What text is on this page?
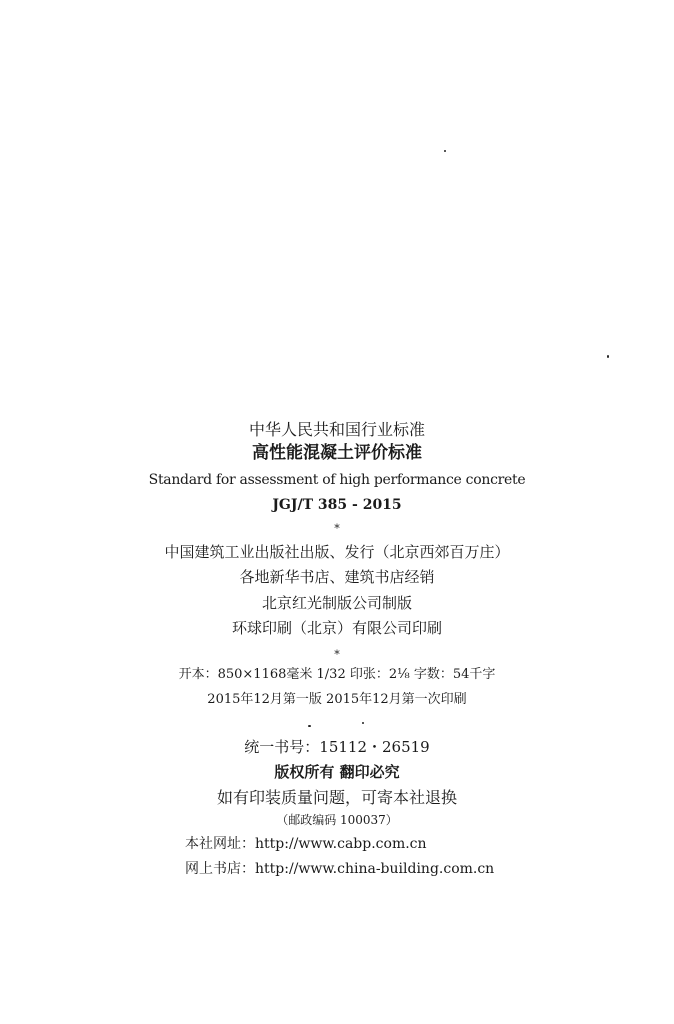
中华人民共和国行业标准
高性能混凝土评价标准
Standard for assessment of high performance concrete
JGJ/T 385 - 2015
*
中国建筑工业出版社出版、发行（北京西郊百万庄）
各地新华书店、建筑书店经销
北京红光制版公司制版
环球印刷（北京）有限公司印刷
*
开本：850×1168毫米 1/32 印张：2⅛ 字数：54千字
2015年12月第一版 2015年12月第一次印刷
统一书号：15112・26519
版权所有 翻印必究
如有印装质量问题，可寄本社退换
（邮政编码 100037）
本社网址：http://www.cabp.com.cn
网上书店：http://www.china-building.com.cn
